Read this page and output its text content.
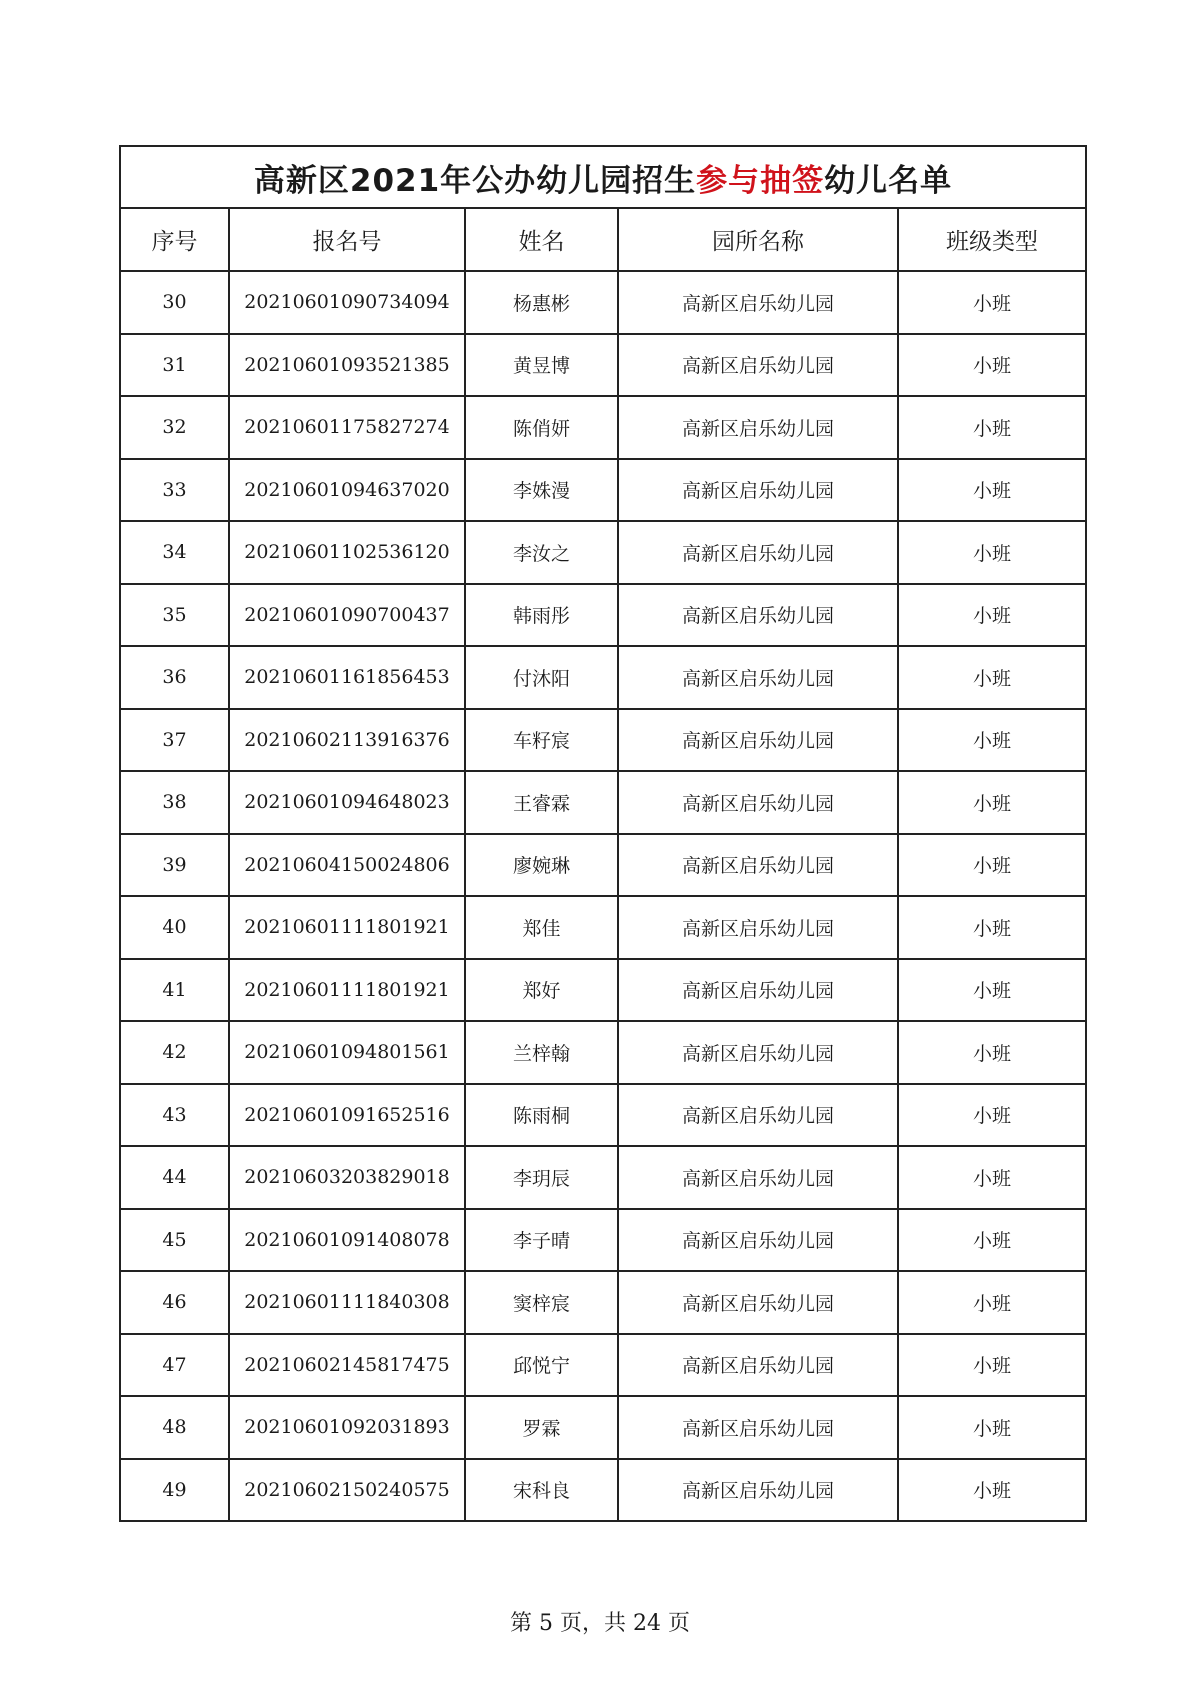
高新区2021年公办幼儿园招生参与抽签幼儿名单				
序号	报名号	姓名	园所名称	班级类型
30	20210601090734094	杨惠彬	高新区启乐幼儿园	小班
31	20210601093521385	黄昱博	高新区启乐幼儿园	小班
32	20210601175827274	陈俏妍	高新区启乐幼儿园	小班
33	20210601094637020	李姝漫	高新区启乐幼儿园	小班
34	20210601102536120	李汝之	高新区启乐幼儿园	小班
35	20210601090700437	韩雨彤	高新区启乐幼儿园	小班
36	20210601161856453	付沐阳	高新区启乐幼儿园	小班
37	20210602113916376	车籽宸	高新区启乐幼儿园	小班
38	20210601094648023	王睿霖	高新区启乐幼儿园	小班
39	20210604150024806	廖婉琳	高新区启乐幼儿园	小班
40	20210601111801921	郑佳	高新区启乐幼儿园	小班
41	20210601111801921	郑好	高新区启乐幼儿园	小班
42	20210601094801561	兰梓翰	高新区启乐幼儿园	小班
43	20210601091652516	陈雨桐	高新区启乐幼儿园	小班
44	20210603203829018	李玥辰	高新区启乐幼儿园	小班
45	20210601091408078	李子晴	高新区启乐幼儿园	小班
46	20210601111840308	窦梓宸	高新区启乐幼儿园	小班
47	20210602145817475	邱悦宁	高新区启乐幼儿园	小班
48	20210601092031893	罗霖	高新区启乐幼儿园	小班
49	20210602150240575	宋科良	高新区启乐幼儿园	小班
第 5 页，共 24 页
